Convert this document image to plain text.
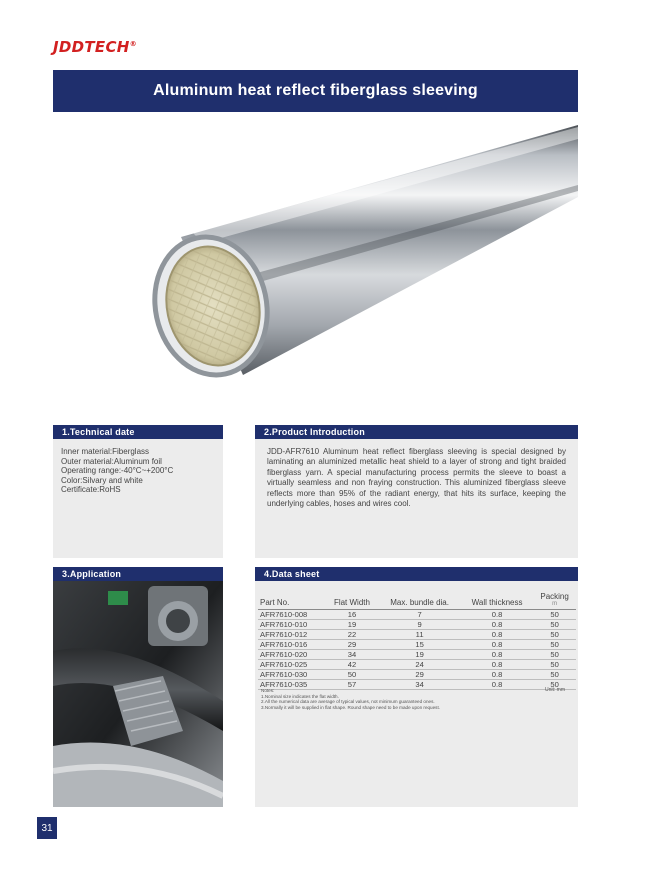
JDDTECH®
Aluminum heat reflect fiberglass sleeving
1.Technical date
Inner material:Fiberglass
Outer material:Aluminum foil
Operating range:-40°C~+200°C
Color:Silvary and white
Certificate:RoHS
2.Product Introduction

JDD-AFR7610 Aluminum heat reflect fiberglass sleeving is special designed by laminating an aluminized metallic heat shield to a layer of strong and tight braided fiberglass yarn. A special manufacturing process permits the sleeve to boast a virtually seamless and non fraying construction. This aluminized fiberglass sleeve reflects more than 95% of the radiant energy, that hits its surface, keeping the underlying cables, hoses and wires cool.

3.Application	4.Data sheet
Part No.	Flat Width	Max. bundle dia.	Wall thickness	Packing
m

AFR7610-008	16	7	0.8	50
AFR7610-010	19	9	0.8	50
AFR7610-012	22	11	0.8	50
AFR7610-016	29	15	0.8	50
AFR7610-020	34	19	0.8	50
AFR7610-025	42	24	0.8	50
AFR7610-030	50	29	0.8	50
AFR7610-035	57	34	0.8	50
Unit: mm
Notes:
1.Nominal size indicates the flat width.
2.All the numerical data are average of typical values, not minimum guaranteed ones.
3.Normally it will be supplied in flat shape. Round shape need to be made upon request.
31
